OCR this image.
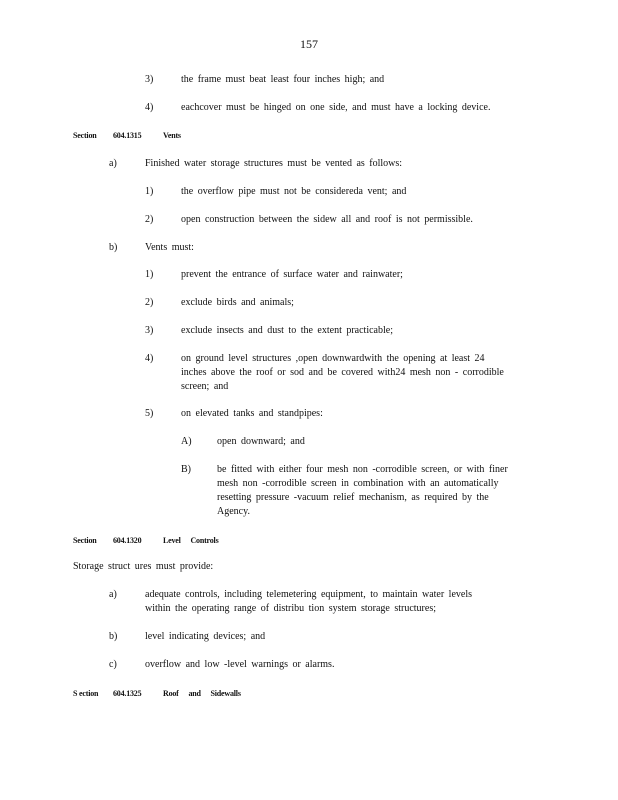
157
3)	the frame must beat least four inches high; and
4)	eachcover must be hinged on one side, and must have a locking device.
Section 604.1315	Vents
a)	Finished water storage structures must be vented as follows:
1)	the overflow pipe must not be considereda vent; and
2)	open construction between the sidew all and roof is not permissible.
b)	Vents must:
1)	prevent the entrance of surface water and rainwater;
2)	exclude birds and animals;
3)	exclude insects and dust to the extent practicable;
4)	on ground level structures ,open downwardwith the opening at least 24
inches above the roof or sod and be covered with24 mesh non - corrodible
screen; and
5)	on elevated tanks and standpipes:
A)	open downward; and
B)	be fitted with either four mesh non -corrodible screen, or with finer
mesh non -corrodible screen in combination with an automatically
resetting pressure -vacuum relief mechanism, as required by the
Agency.
Section 604.1320	Level Controls
Storage struct ures must provide:
a)	adequate controls, including telemetering equipment, to maintain water levels
within the operating range of distribu tion system storage structures;
b)	level indicating devices; and
c)	overflow and low -level warnings or alarms.
S ection 604.1325	Roof and Sidewalls
